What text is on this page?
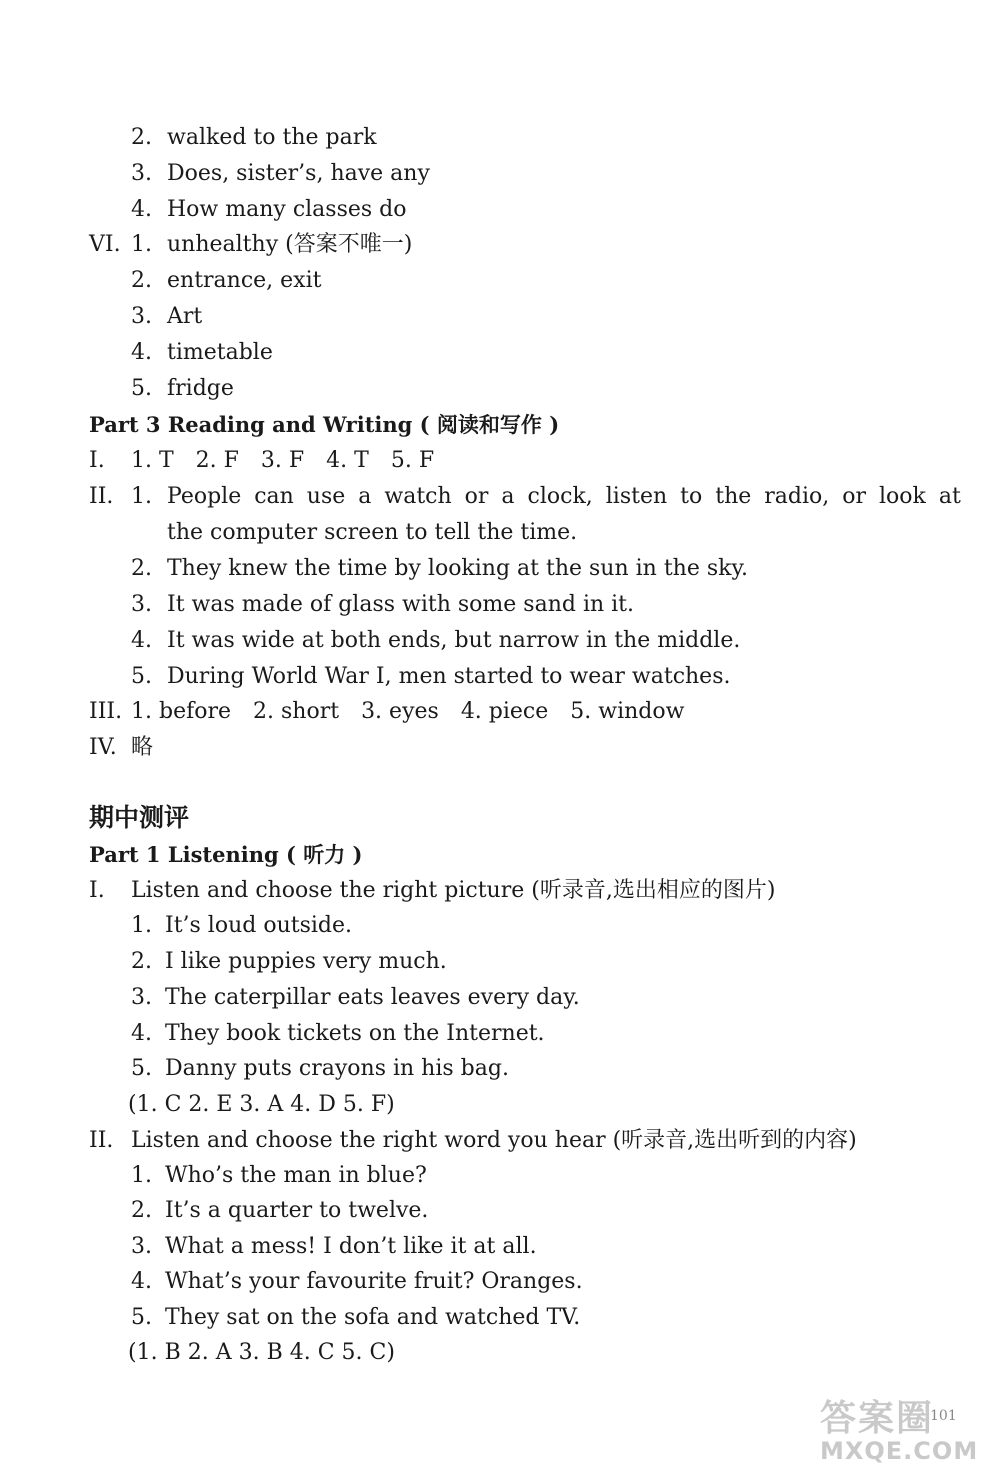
2. walked to the park
3. Does, sister’s, have any
4. How many classes do
VI. 1. unhealthy (答案不唯一)
2. entrance, exit
3. Art
4. timetable
5. fridge
Part 3 Reading and Writing ( 阅读和写作 )
I. 1. T 2. F 3. F 4. T 5. F
II. 1. People can use a watch or a clock, listen to the radio, or look at
the computer screen to tell the time.
2. They knew the time by looking at the sun in the sky.
3. It was made of glass with some sand in it.
4. It was wide at both ends, but narrow in the middle.
5. During World War I, men started to wear watches.
III. 1. before 2. short 3. eyes 4. piece 5. window
IV. 略
期中测评
Part 1 Listening ( 听力 )
I. Listen and choose the right picture (听录音,选出相应的图片)
1. It’s loud outside.
2. I like puppies very much.
3. The caterpillar eats leaves every day.
4. They book tickets on the Internet.
5. Danny puts crayons in his bag.
(1. C 2. E 3. A 4. D 5. F)
II. Listen and choose the right word you hear (听录音,选出听到的内容)
1. Who’s the man in blue?
2. It’s a quarter to twelve.
3. What a mess! I don’t like it at all.
4. What’s your favourite fruit? Oranges.
5. They sat on the sofa and watched TV.
(1. B 2. A 3. B 4. C 5. C)
101
答案圈
MXQE.COM
